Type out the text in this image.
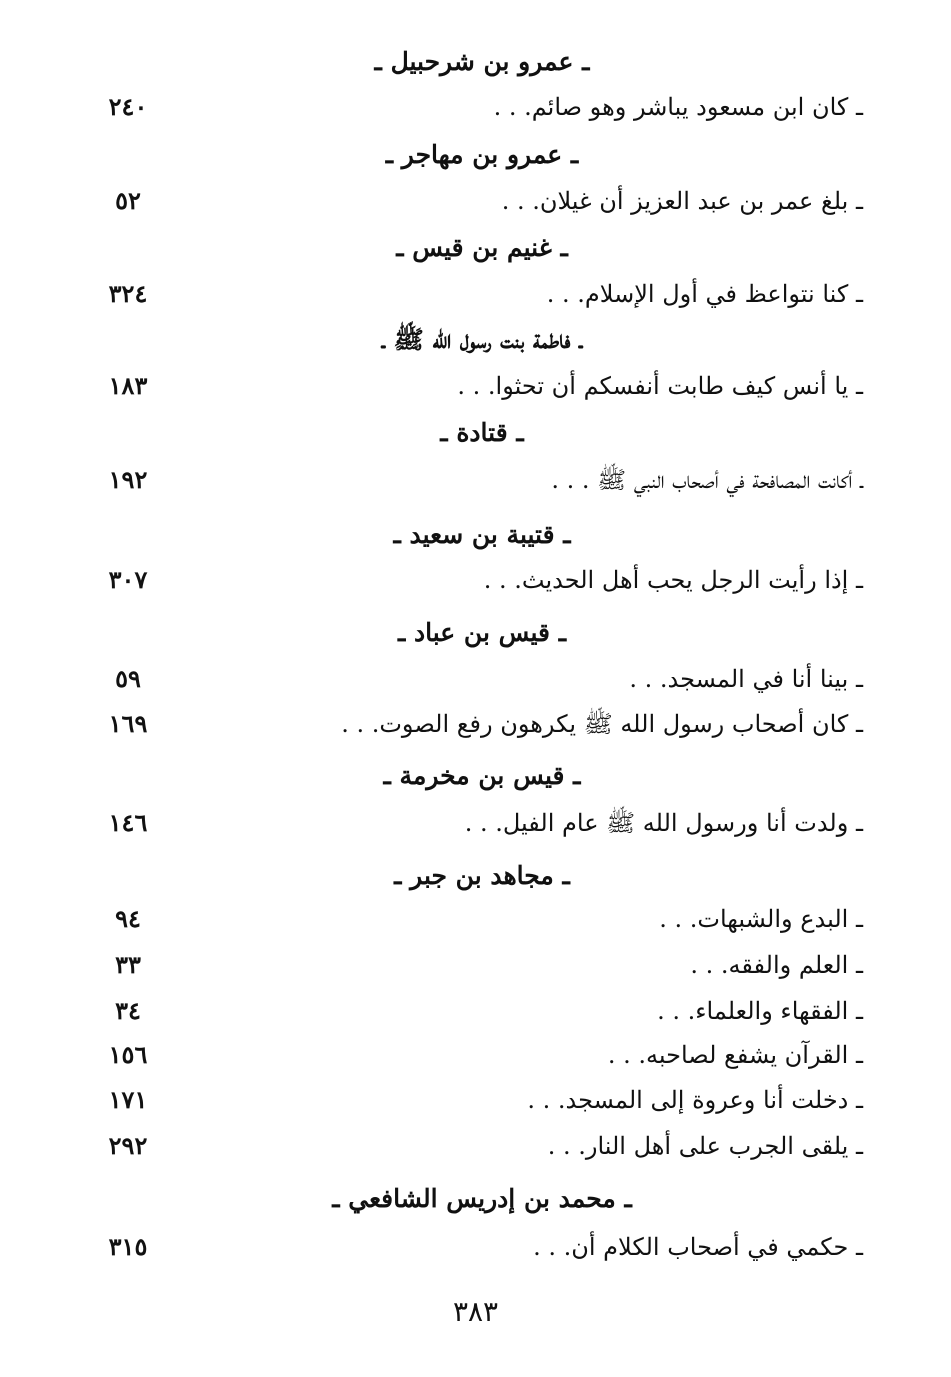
ـ عمرو بن شرحبيل ـ
ـ كان ابن مسعود يباشر وهو صائم. . .
٢٤٠
ـ عمرو بن مهاجر ـ
ـ بلغ عمر بن عبد العزيز أن غيلان. . .
٥٢
ـ غنيم بن قيس ـ
ـ كنا نتواعظ في أول الإسلام. . .
٣٢٤
ـ فاطمة بنت رسول الله ﷺ ـ
ـ يا أنس كيف طابت أنفسكم أن تحثوا. . .
١٨٣
ـ قتادة ـ
ـ أكانت المصافحة في أصحاب النبي ﷺ . . .
١٩٢
ـ قتيبة بن سعيد ـ
ـ إذا رأيت الرجل يحب أهل الحديث. . .
٣٠٧
ـ قيس بن عباد ـ
ـ بينا أنا في المسجد. . .
٥٩
ـ كان أصحاب رسول الله ﷺ يكرهون رفع الصوت. . .
١٦٩
ـ قيس بن مخرمة ـ
ـ ولدت أنا ورسول الله ﷺ عام الفيل. . .
١٤٦
ـ مجاهد بن جبر ـ
ـ البدع والشبهات. . .
٩٤
ـ العلم والفقه. . .
٣٣
ـ الفقهاء والعلماء. . .
٣٤
ـ القرآن يشفع لصاحبه. . .
١٥٦
ـ دخلت أنا وعروة إلى المسجد. . .
١٧١
ـ يلقى الجرب على أهل النار. . .
٢٩٢
ـ محمد بن إدريس الشافعي ـ
ـ حكمي في أصحاب الكلام أن. . .
٣١٥
٣٨٣
